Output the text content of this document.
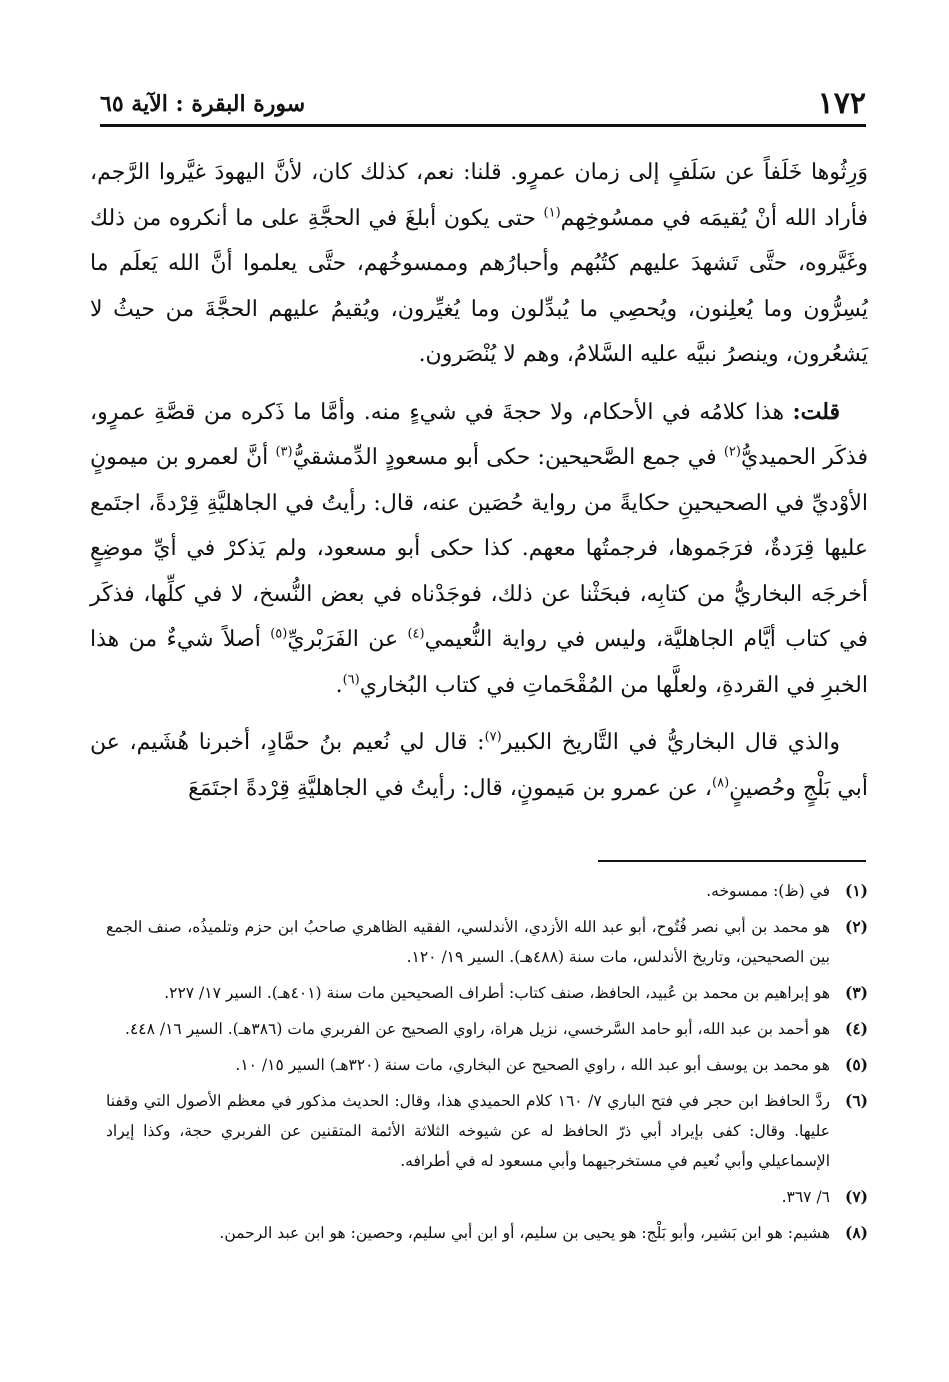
١٧٢
سورة البقرة : الآية ٦٥

وَرِثُوها خَلَفاً عن سَلَفٍ إلى زمان عمرٍو. قلنا: نعم، كذلك كان، لأنَّ اليهودَ غيَّروا الرَّجم، فأراد الله أنْ يُقيمَه في ممسُوخِهم$^{(١)}$ حتى يكون أبلغَ في الحجَّةِ على ما أنكروه من ذلك وغَيَّروه، حتَّى تَشهدَ عليهم كتُبُهم وأحبارُهم وممسوخُهم، حتَّى يعلموا أنَّ الله يَعلَم ما يُسِرُّون وما يُعلِنون، ويُحصِي ما يُبدِّلون وما يُغيِّرون، ويُقيمُ عليهم الحجَّةَ من حيثُ لا يَشعُرون، وينصرُ نبيَّه عليه السَّلامُ، وهم لا يُنْصَرون.

قلت: هذا كلامُه في الأحكام، ولا حجةَ في شيءٍ منه. وأمَّا ما ذَكره من قصَّةِ عمرٍو، فذكَر الحميديُّ$^{(٢)}$ في جمع الصَّحيحين: حكى أبو مسعودٍ الدِّمشقيُّ$^{(٣)}$ أنَّ لعمرو بن ميمونٍ الأوْديِّ في الصحيحينِ حكايةً من رواية حُصَين عنه، قال: رأيتُ في الجاهليَّةِ قِرْدةً، اجتَمع عليها قِرَدةٌ، فرَجَموها، فرجمتُها معهم. كذا حكى أبو مسعود، ولم يَذكرْ في أيِّ موضِعٍ أخرجَه البخاريُّ من كتابِه، فبحَثْنا عن ذلك، فوجَدْناه في بعض النُّسخ، لا في كلِّها، فذكَر في كتاب أيَّام الجاهليَّة، وليس في رواية النُّعيمي$^{(٤)}$ عن الفَرَبْريِّ$^{(٥)}$ أصلاً شيءٌ من هذا الخبرِ في القردةِ، ولعلَّها من المُقْحَماتِ في كتاب البُخاري$^{(٦)}$.

والذي قال البخاريُّ في التَّاريخ الكبير$^{(٧)}$: قال لي نُعيم بنُ حمَّادٍ، أخبرنا هُشَيم، عن أبي بَلْجٍ وحُصينٍ$^{(٨)}$، عن عمرو بن مَيمونٍ، قال: رأيتُ في الجاهليَّةِ قِرْدةً اجتَمَعَ

(١)
في (ظ): ممسوخه.
(٢)
هو محمد بن أبي نصر فُتُوح، أبو عبد الله الأزدي، الأندلسي، الفقيه الظاهري صاحبُ ابن حزم وتلميذُه، صنف الجمع بين الصحيحين، وتاريخ الأندلس، مات سنة (٤٨٨هـ). السير ١٩/ ١٢٠.
(٣)
هو إبراهيم بن محمد بن عُبيد، الحافظ، صنف كتاب: أطراف الصحيحين مات سنة (٤٠١هـ). السير ١٧/ ٢٢٧.
(٤)
هو أحمد بن عبد الله، أبو حامد السَّرخسي، نزيل هراة، راوي الصحيح عن الفربري مات (٣٨٦هـ). السير ١٦/ ٤٤٨.
(٥)
هو محمد بن يوسف أبو عبد الله ، راوي الصحيح عن البخاري، مات سنة (٣٢٠هـ) السير ١٥/ ١٠.
(٦)
ردَّ الحافظ ابن حجر في فتح الباري ٧/ ١٦٠ كلام الحميدي هذا، وقال: الحديث مذكور في معظم الأصول التي وقفنا عليها. وقال: كفى بإيراد أبي ذرّ الحافظ له عن شيوخه الثلاثة الأئمة المتقنين عن الفربري حجة، وكذا إيراد الإسماعيلي وأبي نُعيم في مستخرجيهما وأبي مسعود له في أطرافه.
(٧)
٦/ ٣٦٧.
(٨)
هشيم: هو ابن بَشير، وأبو بَلْج: هو يحيى بن سليم، أو ابن أبي سليم، وحصين: هو ابن عبد الرحمن.
